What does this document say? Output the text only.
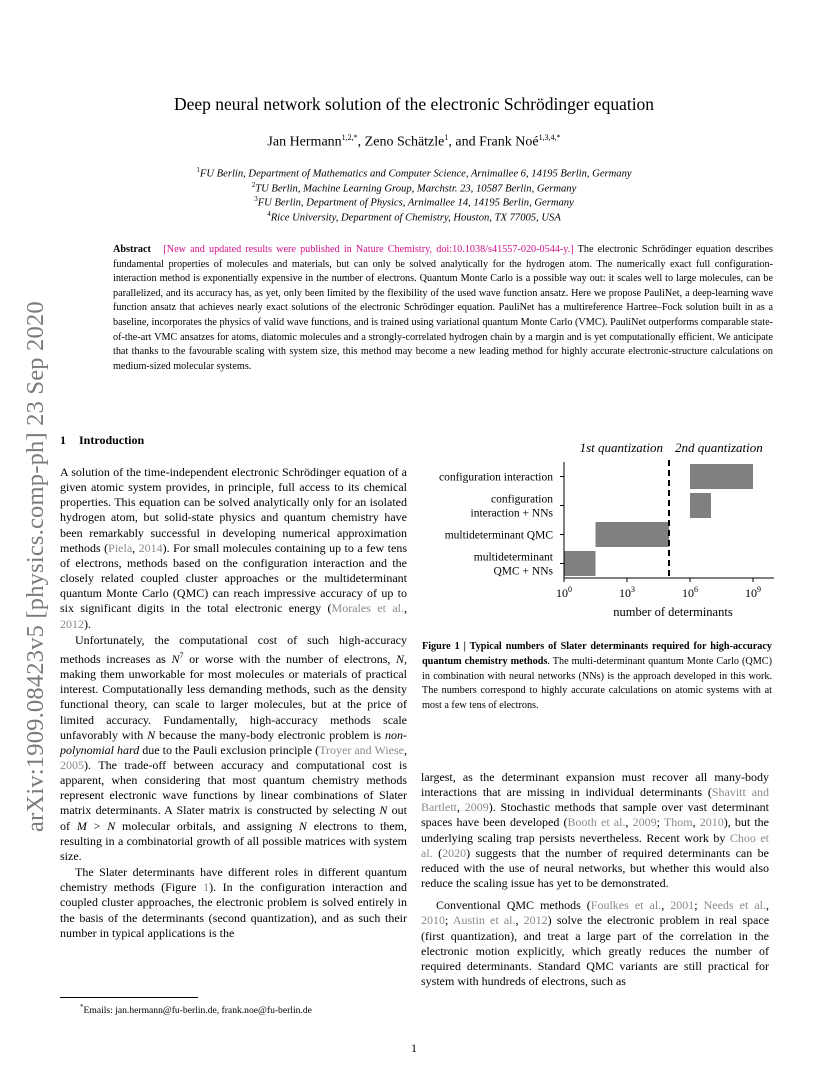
arXiv:1909.08423v5 [physics.comp-ph] 23 Sep 2020
Deep neural network solution of the electronic Schrödinger equation
Jan Hermann$^{1,2,*}$, Zeno Schätzle$^1$, and Frank Noé$^{1,3,4,*}$
$^1$FU Berlin, Department of Mathematics and Computer Science, Arnimallee 6, 14195 Berlin, Germany
$^2$TU Berlin, Machine Learning Group, Marchstr. 23, 10587 Berlin, Germany
$^3$FU Berlin, Department of Physics, Arnimallee 14, 14195 Berlin, Germany
$^4$Rice University, Department of Chemistry, Houston, TX 77005, USA
Abstract [New and updated results were published in Nature Chemistry, doi:10.1038/s41557-020-0544-y.] The electronic Schrödinger equation describes fundamental properties of molecules and materials, but can only be solved analytically for the hydrogen atom. The numerically exact full configuration-interaction method is exponentially expensive in the number of electrons. Quantum Monte Carlo is a possible way out: it scales well to large molecules, can be parallelized, and its accuracy has, as yet, only been limited by the flexibility of the used wave function ansatz. Here we propose PauliNet, a deep-learning wave function ansatz that achieves nearly exact solutions of the electronic Schrödinger equation. PauliNet has a multireference Hartree–Fock solution built in as a baseline, incorporates the physics of valid wave functions, and is trained using variational quantum Monte Carlo (VMC). PauliNet outperforms comparable state-of-the-art VMC ansatzes for atoms, diatomic molecules and a strongly-correlated hydrogen chain by a margin and is yet computationally efficient. We anticipate that thanks to the favourable scaling with system size, this method may become a new leading method for highly accurate electronic-structure calculations on medium-sized molecular systems.
1 Introduction

A solution of the time-independent electronic Schrödinger equation of a given atomic system provides, in principle, full access to its chemical properties. This equation can be solved analytically only for an isolated hydrogen atom, but solid-state physics and quantum chemistry have been remarkably successful in developing numerical approximation methods (Piela, 2014). For small molecules containing up to a few tens of electrons, methods based on the configuration interaction and the closely related coupled cluster approaches or the multideterminant quantum Monte Carlo (QMC) can reach impressive accuracy of up to six significant digits in the total electronic energy (Morales et al., 2012).

Unfortunately, the computational cost of such high-accuracy methods increases as $N^7$ or worse with the number of electrons, N, making them unworkable for most molecules or materials of practical interest. Computationally less demanding methods, such as the density functional theory, can scale to larger molecules, but at the price of limited accuracy. Fundamentally, high-accuracy methods scale unfavorably with N because the many-body electronic problem is non-polynomial hard due to the Pauli exclusion principle (Troyer and Wiese, 2005). The trade-off between accuracy and computational cost is apparent, when considering that most quantum chemistry methods represent electronic wave functions by linear combinations of Slater matrix determinants. A Slater matrix is constructed by selecting N out of M > N molecular orbitals, and assigning N electrons to them, resulting in a combinatorial growth of all possible matrices with system size.

The Slater determinants have different roles in different quantum chemistry methods (Figure 1). In the configuration interaction and coupled cluster approaches, the electronic problem is solved entirely in the basis of the determinants (second quantization), and as such their number in typical applications is the

configuration interaction
configuration interaction + NNs
multideterminant QMC
multideterminant QMC + NNs
$10^0$	$10^3$	$10^6$	$10^9$
number of determinants
1st quantization 2nd quantization
Figure 1 | Typical numbers of Slater determinants required for high-accuracy quantum chemistry methods. The multi-determinant quantum Monte Carlo (QMC) in combination with neural networks (NNs) is the approach developed in this work. The numbers correspond to highly accurate calculations on atomic systems with at most a few tens of electrons.

largest, as the determinant expansion must recover all many-body interactions that are missing in individual determinants (Shavitt and Bartlett, 2009). Stochastic methods that sample over vast determinant spaces have been developed (Booth et al., 2009; Thom, 2010), but the underlying scaling trap persists nevertheless. Recent work by Choo et al. (2020) suggests that the number of required determinants can be reduced with the use of neural networks, but whether this would also reduce the scaling issue has yet to be demonstrated.

Conventional QMC methods (Foulkes et al., 2001; Needs et al., 2010; Austin et al., 2012) solve the electronic problem in real space (first quantization), and treat a large part of the correlation in the electronic motion explicitly, which greatly reduces the number of required determinants. Standard QMC variants are still practical for system with hundreds of electrons, such as

*Emails: jan.hermann@fu-berlin.de, frank.noe@fu-berlin.de
1
